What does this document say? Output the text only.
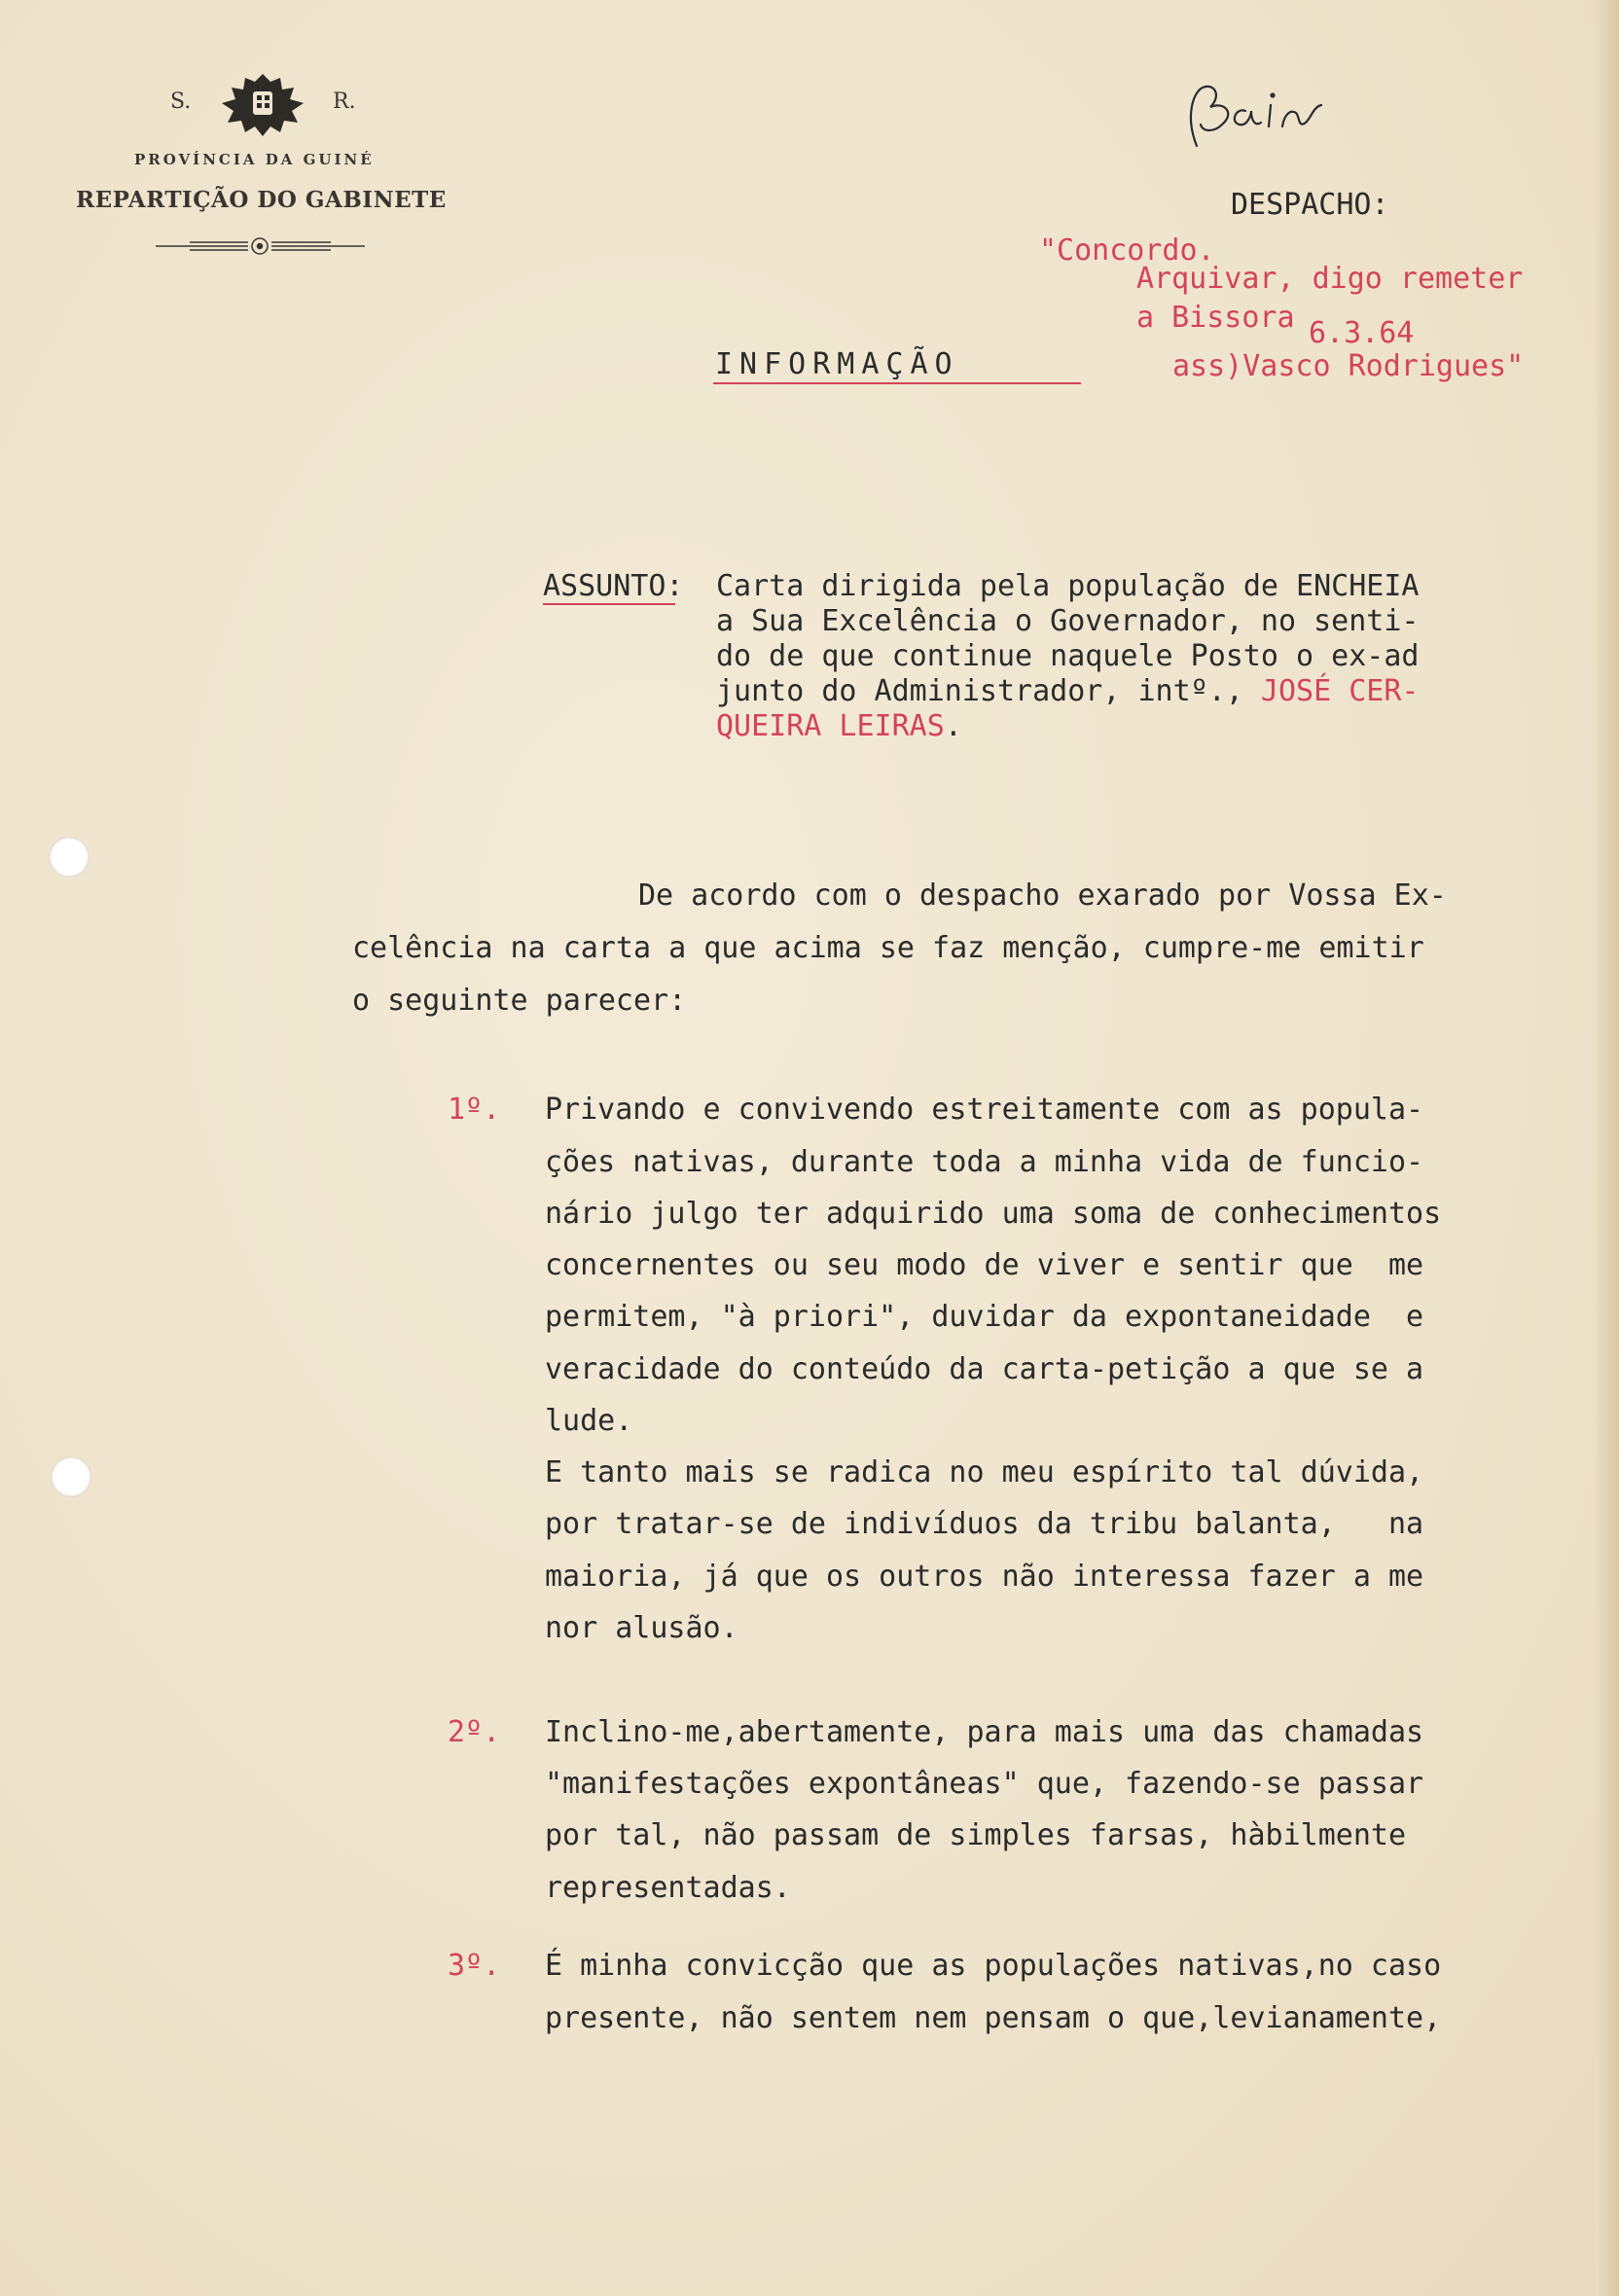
S.	R.
PROVÍNCIA DA GUINÉ
REPARTIÇÃO DO GABINETE	DESPACHO:
"Concordo.
Arquivar, digo remeter
a Bissora 6.3.64
ass)Vasco Rodrigues"
INFORMAÇÃO
ASSUNTO: Carta dirigida pela população de ENCHEIA
a Sua Excelência o Governador, no senti-
do de que continue naquele Posto o ex-ad
junto do Administrador, intº., JOSÉ CER-
QUEIRA LEIRAS.
De acordo com o despacho exarado por Vossa Ex-
celência na carta a que acima se faz menção, cumpre-me emitir
o seguinte parecer:
1º. Privando e convivendo estreitamente com as popula-
ções nativas, durante toda a minha vida de funcio-
nário julgo ter adquirido uma soma de conhecimentos
concernentes ou seu modo de viver e sentir que  me
permitem, "à priori", duvidar da expontaneidade  e
veracidade do conteúdo da carta-petição a que se a
lude.
E tanto mais se radica no meu espírito tal dúvida,
por tratar-se de indivíduos da tribu balanta,   na
maioria, já que os outros não interessa fazer a me
nor alusão.
2º. Inclino-me,abertamente, para mais uma das chamadas
"manifestações expontâneas" que, fazendo-se passar
por tal, não passam de simples farsas, hàbilmente
representadas.
3º. É minha convicção que as populações nativas,no caso
presente, não sentem nem pensam o que,levianamente,
